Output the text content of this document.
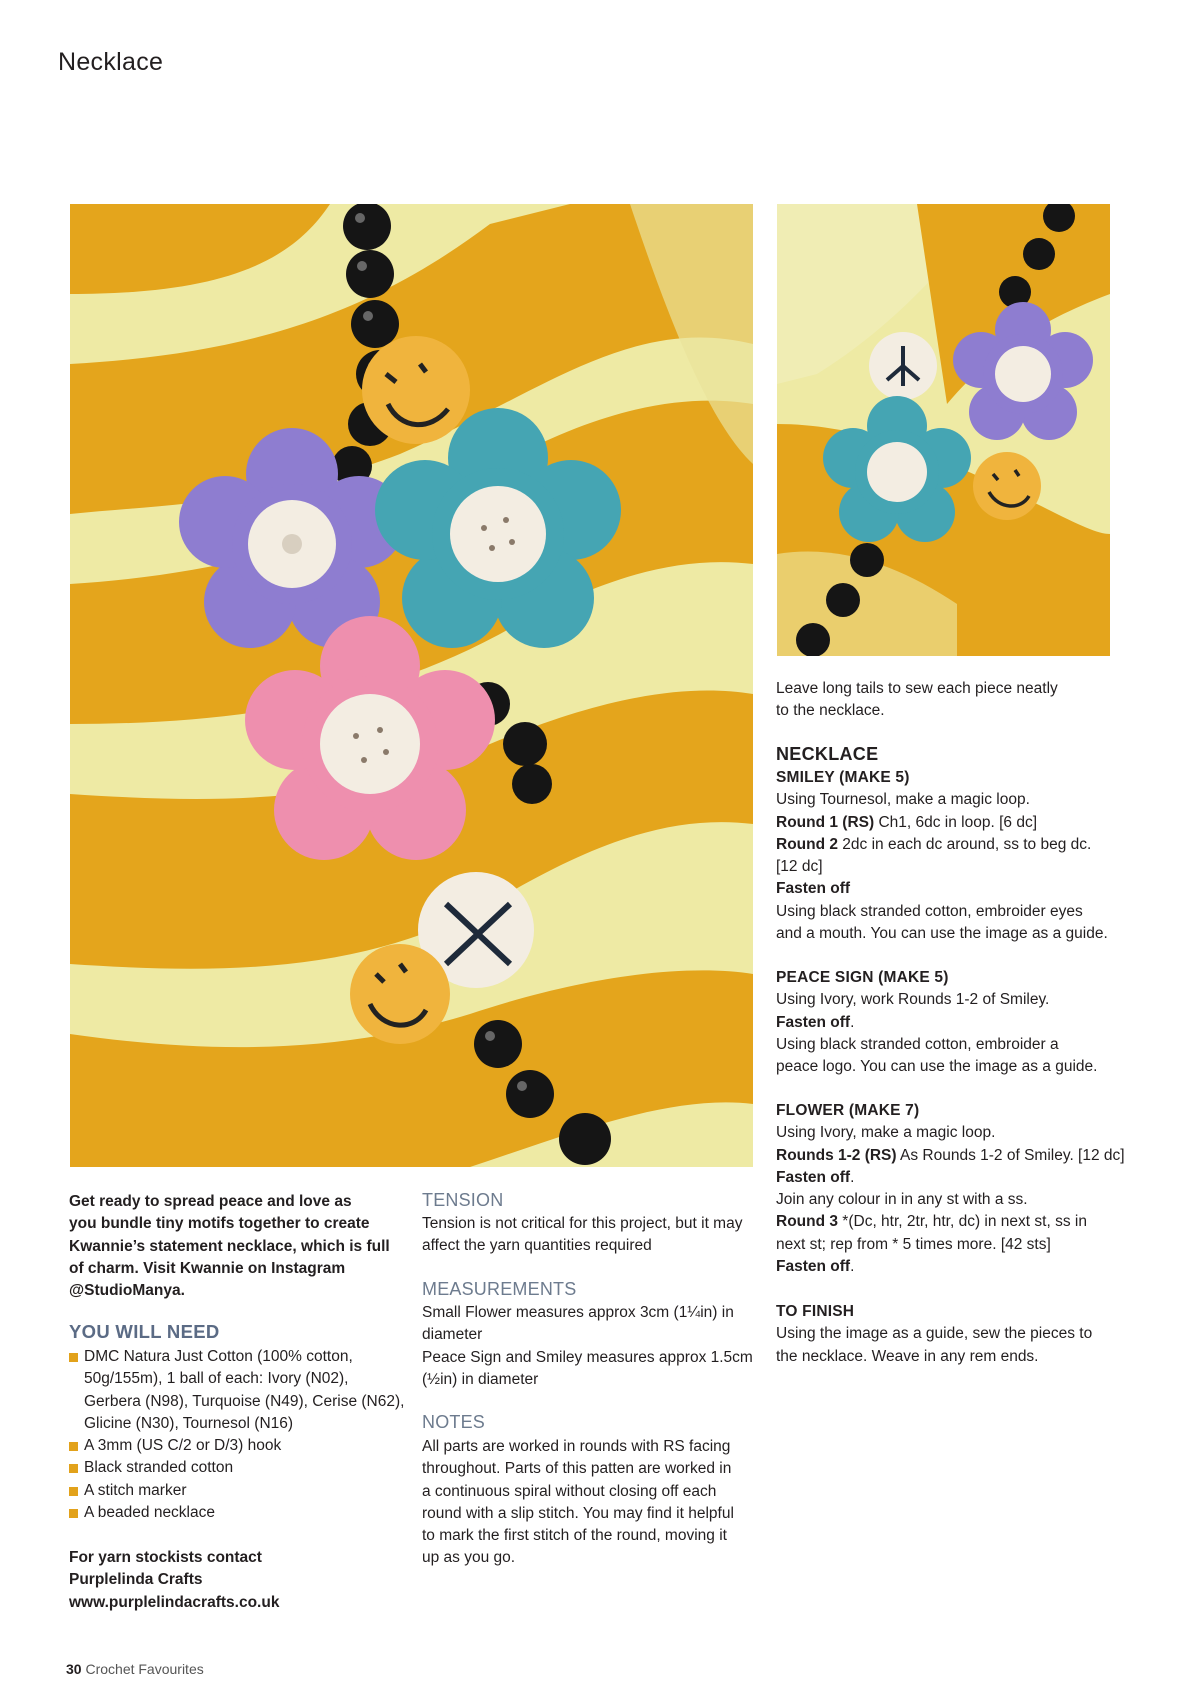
Necklace
Get ready to spread peace and love as
you bundle tiny motifs together to create
Kwannie’s statement necklace, which is full
of charm. Visit Kwannie on Instagram
@StudioManya.
YOU WILL NEED
DMC Natura Just Cotton (100% cotton,
50g/155m), 1 ball of each: Ivory (N02),
Gerbera (N98), Turquoise (N49), Cerise (N62),
Glicine (N30), Tournesol (N16)
A 3mm (US C/2 or D/3) hook
Black stranded cotton
A stitch marker
A beaded necklace
For yarn stockists contact
Purplelinda Crafts
www.purplelindacrafts.co.uk
TENSION
Tension is not critical for this project, but it may
affect the yarn quantities required
MEASUREMENTS
Small Flower measures approx 3cm (1¼in) in
diameter
Peace Sign and Smiley measures approx 1.5cm
(½in) in diameter
NOTES
All parts are worked in rounds with RS facing
throughout. Parts of this patten are worked in
a continuous spiral without closing off each
round with a slip stitch. You may find it helpful
to mark the first stitch of the round, moving it
up as you go.
Leave long tails to sew each piece neatly
to the necklace.
NECKLACE
SMILEY (MAKE 5)
Using Tournesol, make a magic loop.
Round 1 (RS) Ch1, 6dc in loop. [6 dc]
Round 2 2dc in each dc around, ss to beg dc.
[12 dc]
Fasten off
Using black stranded cotton, embroider eyes
and a mouth. You can use the image as a guide.
PEACE SIGN (MAKE 5)
Using Ivory, work Rounds 1-2 of Smiley.
Fasten off.
Using black stranded cotton, embroider a
peace logo. You can use the image as a guide.
FLOWER (MAKE 7)
Using Ivory, make a magic loop.
Rounds 1-2 (RS) As Rounds 1-2 of Smiley. [12 dc]
Fasten off.
Join any colour in in any st with a ss.
Round 3 *(Dc, htr, 2tr, htr, dc) in next st, ss in
next st; rep from * 5 times more. [42 sts]
Fasten off.
TO FINISH
Using the image as a guide, sew the pieces to
the necklace. Weave in any rem ends.
30 Crochet Favourites
